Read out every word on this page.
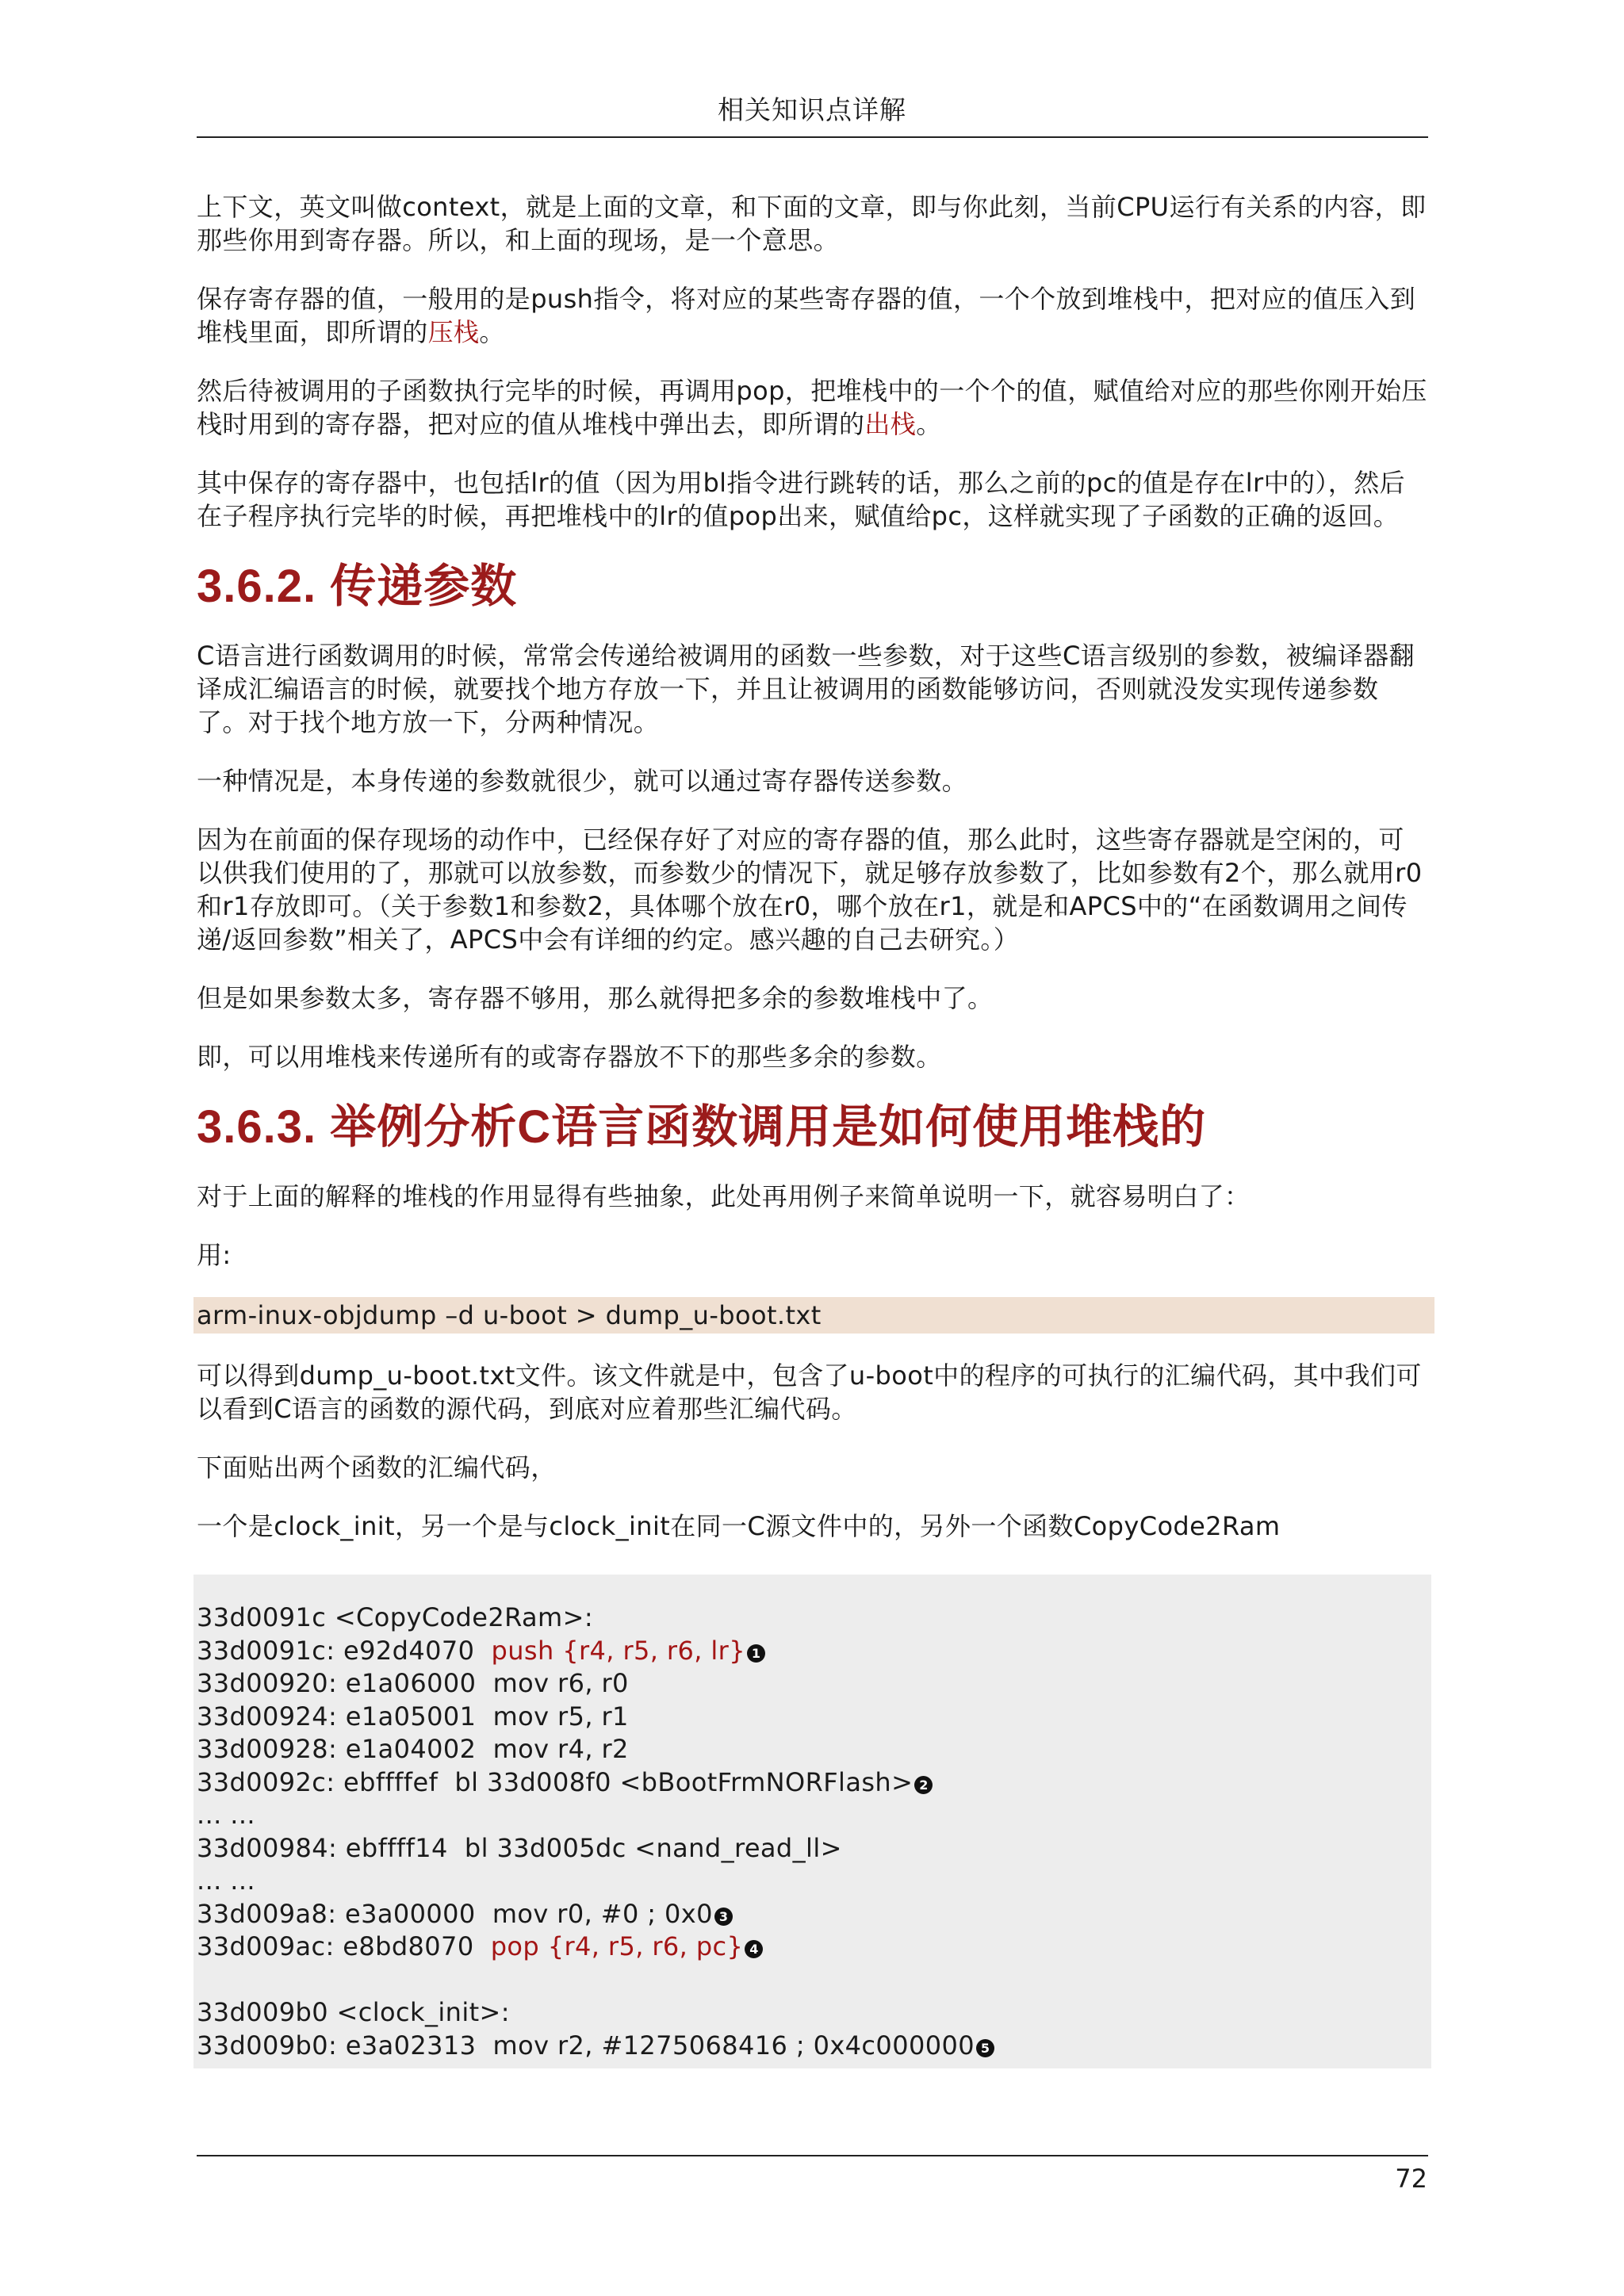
相关知识点详解

上下文，英文叫做context，就是上面的文章，和下面的文章，即与你此刻，当前CPU运行有关系的内容，即那些你用到寄存器。所以，和上面的现场，是一个意思。

保存寄存器的值，一般用的是push指令，将对应的某些寄存器的值，一个个放到堆栈中，把对应的值压入到堆栈里面，即所谓的压栈。

然后待被调用的子函数执行完毕的时候，再调用pop，把堆栈中的一个个的值，赋值给对应的那些你刚开始压栈时用到的寄存器，把对应的值从堆栈中弹出去，即所谓的出栈。

其中保存的寄存器中，也包括lr的值（因为用bl指令进行跳转的话，那么之前的pc的值是存在lr中的），然后在子程序执行完毕的时候，再把堆栈中的lr的值pop出来，赋值给pc，这样就实现了子函数的正确的返回。

3.6.2. 传递参数

C语言进行函数调用的时候，常常会传递给被调用的函数一些参数，对于这些C语言级别的参数，被编译器翻译成汇编语言的时候，就要找个地方存放一下，并且让被调用的函数能够访问，否则就没发实现传递参数了。对于找个地方放一下，分两种情况。

一种情况是，本身传递的参数就很少，就可以通过寄存器传送参数。

因为在前面的保存现场的动作中，已经保存好了对应的寄存器的值，那么此时，这些寄存器就是空闲的，可以供我们使用的了，那就可以放参数，而参数少的情况下，就足够存放参数了，比如参数有2个，那么就用r0和r1存放即可。（关于参数1和参数2，具体哪个放在r0，哪个放在r1，就是和APCS中的“在函数调用之间传递/返回参数”相关了，APCS中会有详细的约定。感兴趣的自己去研究。）

但是如果参数太多，寄存器不够用，那么就得把多余的参数堆栈中了。

即，可以用堆栈来传递所有的或寄存器放不下的那些多余的参数。

3.6.3. 举例分析C语言函数调用是如何使用堆栈的

对于上面的解释的堆栈的作用显得有些抽象，此处再用例子来简单说明一下，就容易明白了：

用:

arm-inux-objdump –d u-boot > dump_u-boot.txt

可以得到dump_u-boot.txt文件。该文件就是中，包含了u-boot中的程序的可执行的汇编代码，其中我们可以看到C语言的函数的源代码，到底对应着那些汇编代码。

下面贴出两个函数的汇编代码，

一个是clock_init，另一个是与clock_init在同一C源文件中的，另外一个函数CopyCode2Ram

33d0091c <CopyCode2Ram>:
33d0091c: e92d4070  push {r4, r5, r6, lr} 1
33d00920: e1a06000  mov r6, r0
33d00924: e1a05001  mov r5, r1
33d00928: e1a04002  mov r4, r2
33d0092c: ebffffef  bl 33d008f0 <bBootFrmNORFlash> 2
... ...
33d00984: ebffff14  bl 33d005dc <nand_read_ll>
... ...
33d009a8: e3a00000  mov r0, #0 ; 0x0 3
33d009ac: e8bd8070  pop {r4, r5, r6, pc} 4
33d009b0 <clock_init>:
33d009b0: e3a02313  mov r2, #1275068416 ; 0x4c000000 5
72
